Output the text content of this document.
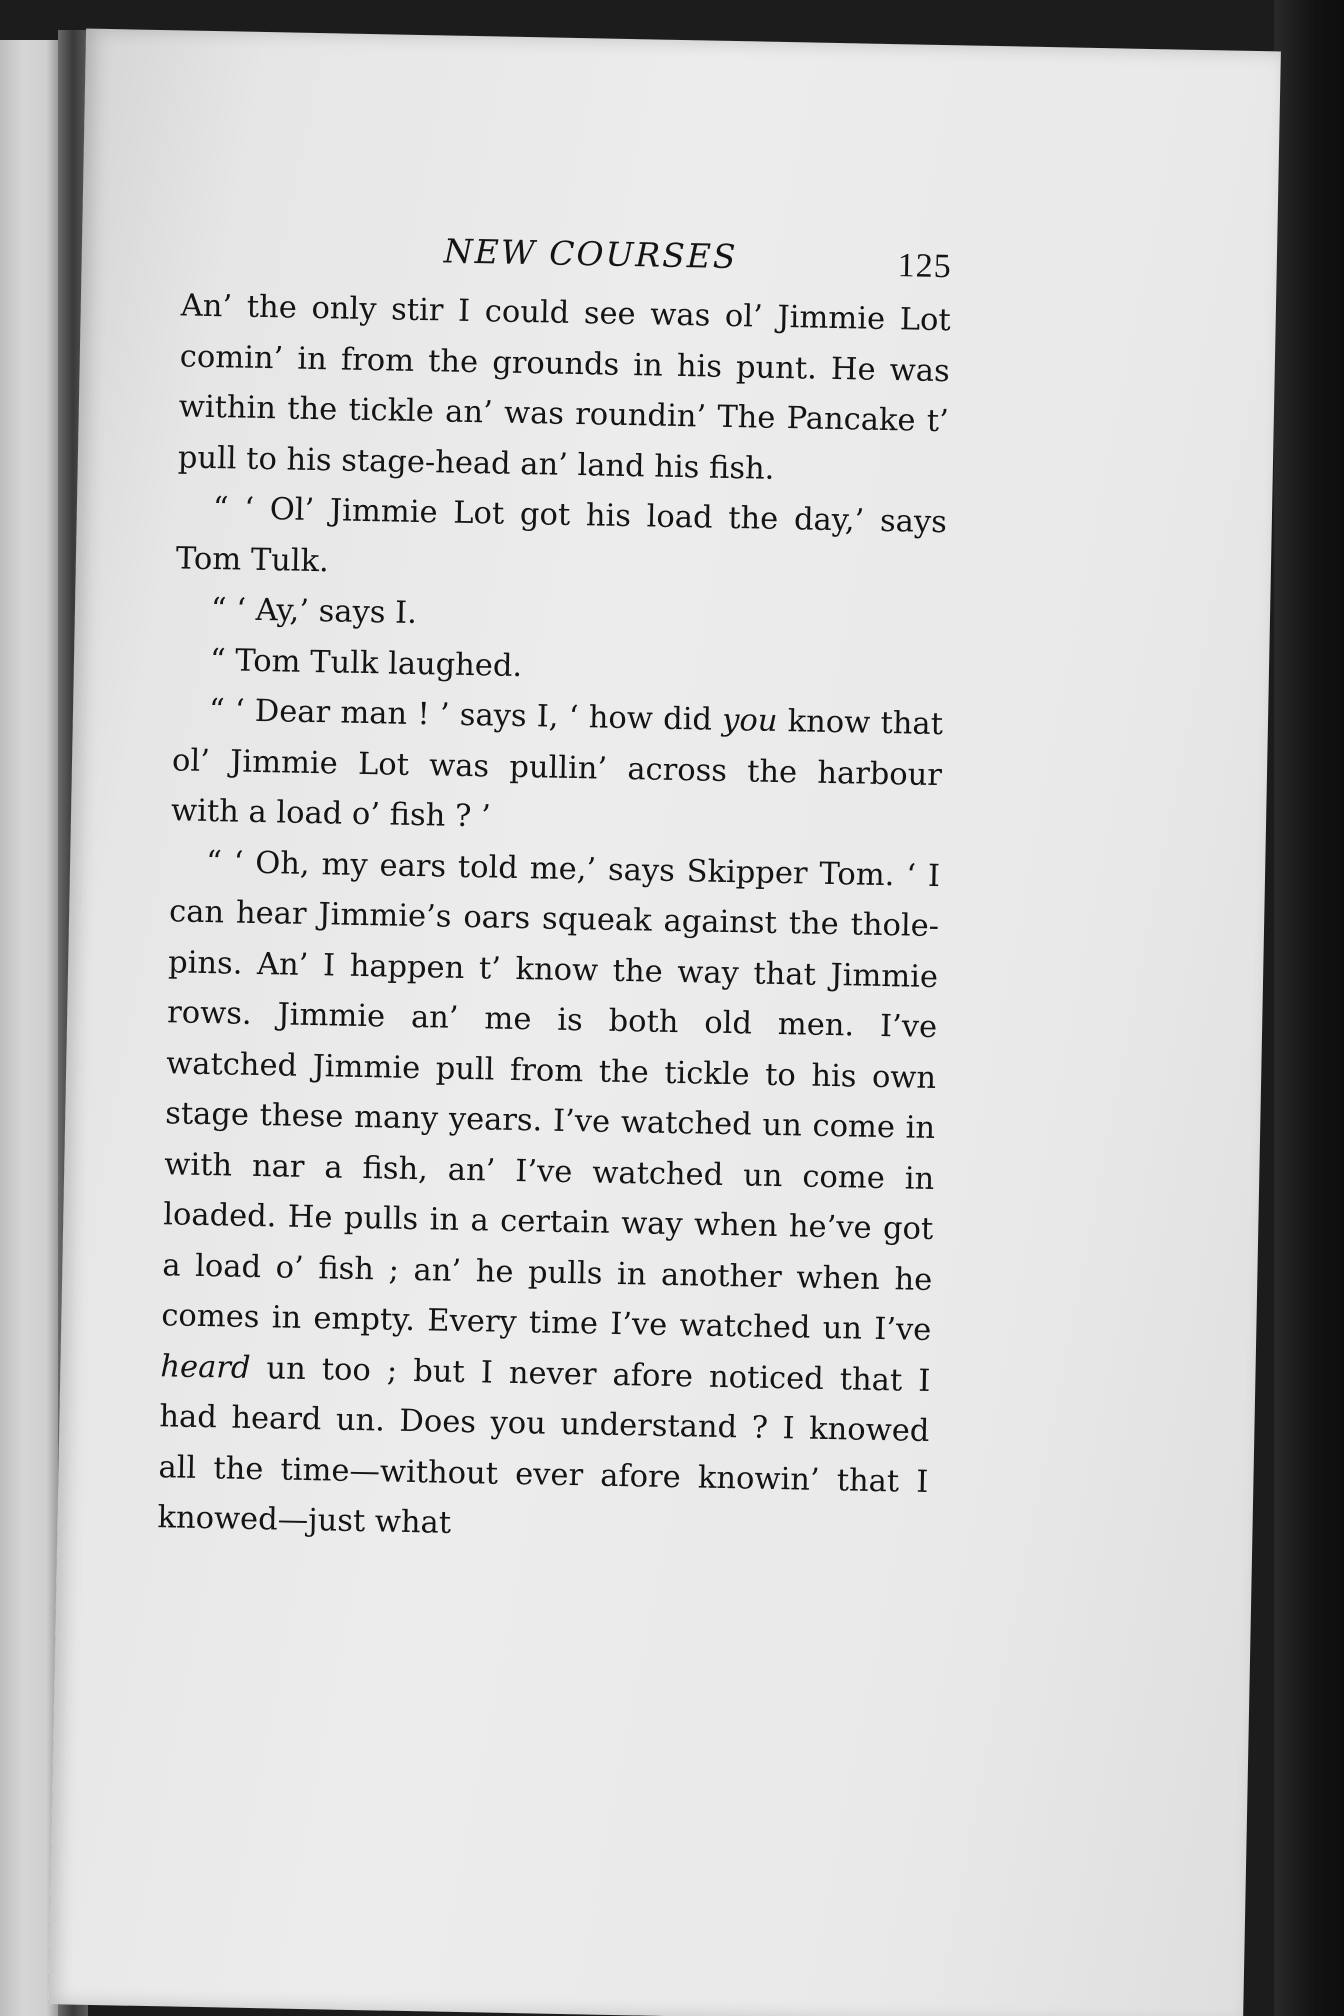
NEW COURSES	125

An’ the only stir I could see was ol’ Jimmie Lot comin’ in from the grounds in his punt. He was within the tickle an’ was roundin’ The Pancake t’ pull to his stage-head an’ land his fish.

“ ‘ Ol’ Jimmie Lot got his load the day,’ says Tom Tulk.

“ ‘ Ay,’ says I.

“ Tom Tulk laughed.

“ ‘ Dear man ! ’ says I, ‘ how did you know that ol’ Jimmie Lot was pullin’ across the harbour with a load o’ fish ? ’

“ ‘ Oh, my ears told me,’ says Skipper Tom. ‘ I can hear Jimmie’s oars squeak against the thole-pins. An’ I happen t’ know the way that Jimmie rows. Jimmie an’ me is both old men. I’ve watched Jimmie pull from the tickle to his own stage these many years. I’ve watched un come in with nar a fish, an’ I’ve watched un come in loaded. He pulls in a certain way when he’ve got a load o’ fish ; an’ he pulls in another when he comes in empty. Every time I’ve watched un I’ve heard un too ; but I never afore noticed that I had heard un. Does you understand ? I knowed all the time—without ever afore knowin’ that I knowed—just what
